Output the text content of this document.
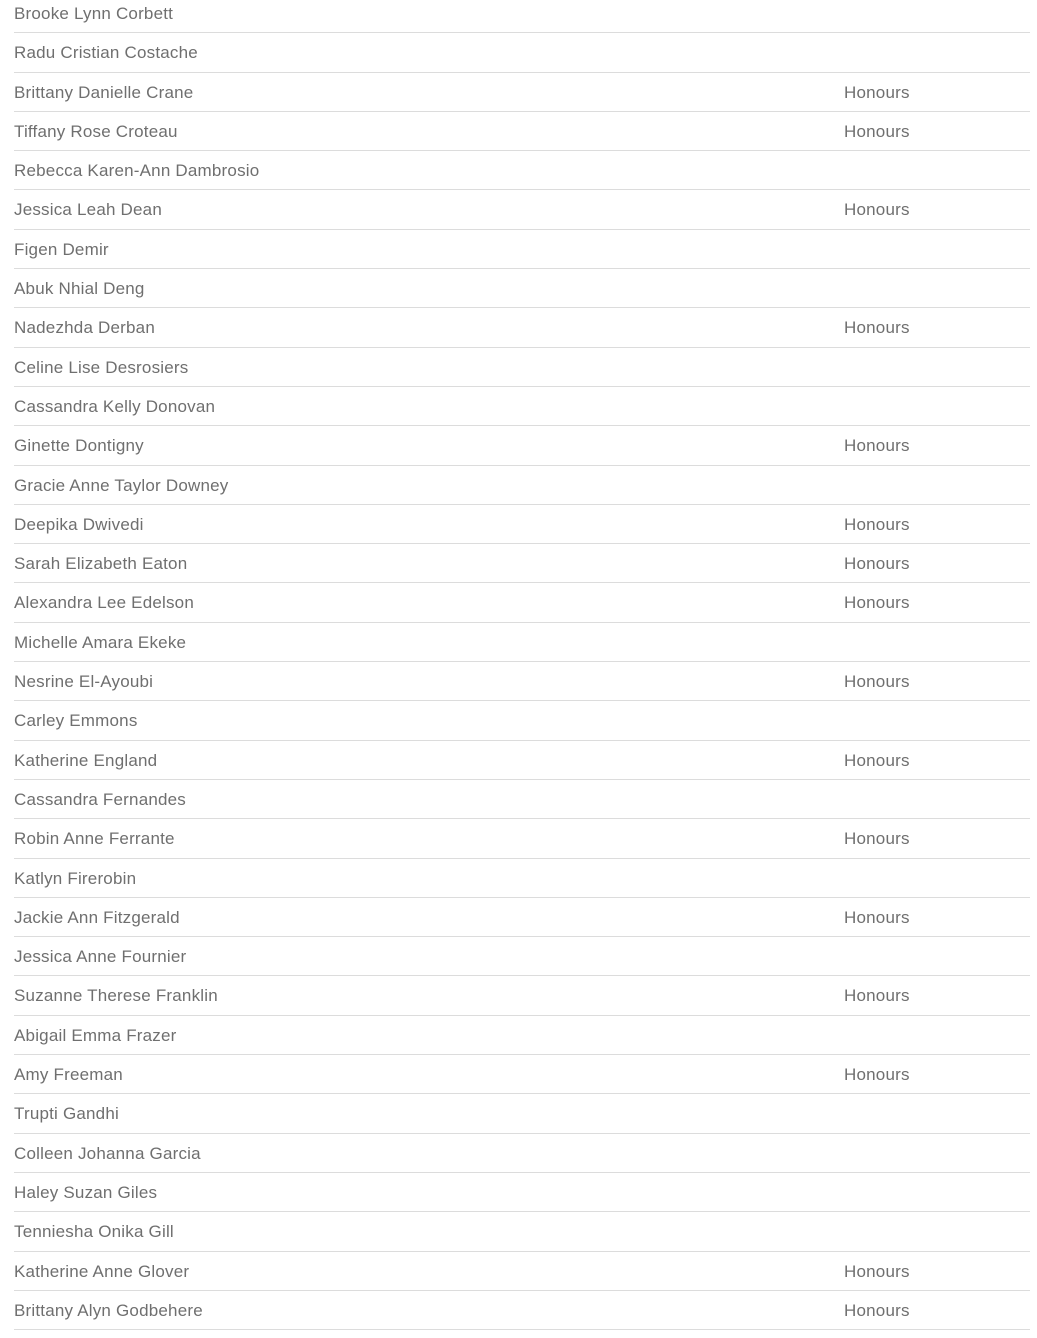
Brooke Lynn Corbett
Radu Cristian Costache
Brittany Danielle Crane	Honours
Tiffany Rose Croteau	Honours
Rebecca Karen-Ann Dambrosio
Jessica Leah Dean	Honours
Figen Demir
Abuk Nhial Deng
Nadezhda Derban	Honours
Celine Lise Desrosiers
Cassandra Kelly Donovan
Ginette Dontigny	Honours
Gracie Anne Taylor Downey
Deepika Dwivedi	Honours
Sarah Elizabeth Eaton	Honours
Alexandra Lee Edelson	Honours
Michelle Amara Ekeke
Nesrine El-Ayoubi	Honours
Carley Emmons
Katherine England	Honours
Cassandra Fernandes
Robin Anne Ferrante	Honours
Katlyn Firerobin
Jackie Ann Fitzgerald	Honours
Jessica Anne Fournier
Suzanne Therese Franklin	Honours
Abigail Emma Frazer
Amy Freeman	Honours
Trupti Gandhi
Colleen Johanna Garcia
Haley Suzan Giles
Tenniesha Onika Gill
Katherine Anne Glover	Honours
Brittany Alyn Godbehere	Honours
